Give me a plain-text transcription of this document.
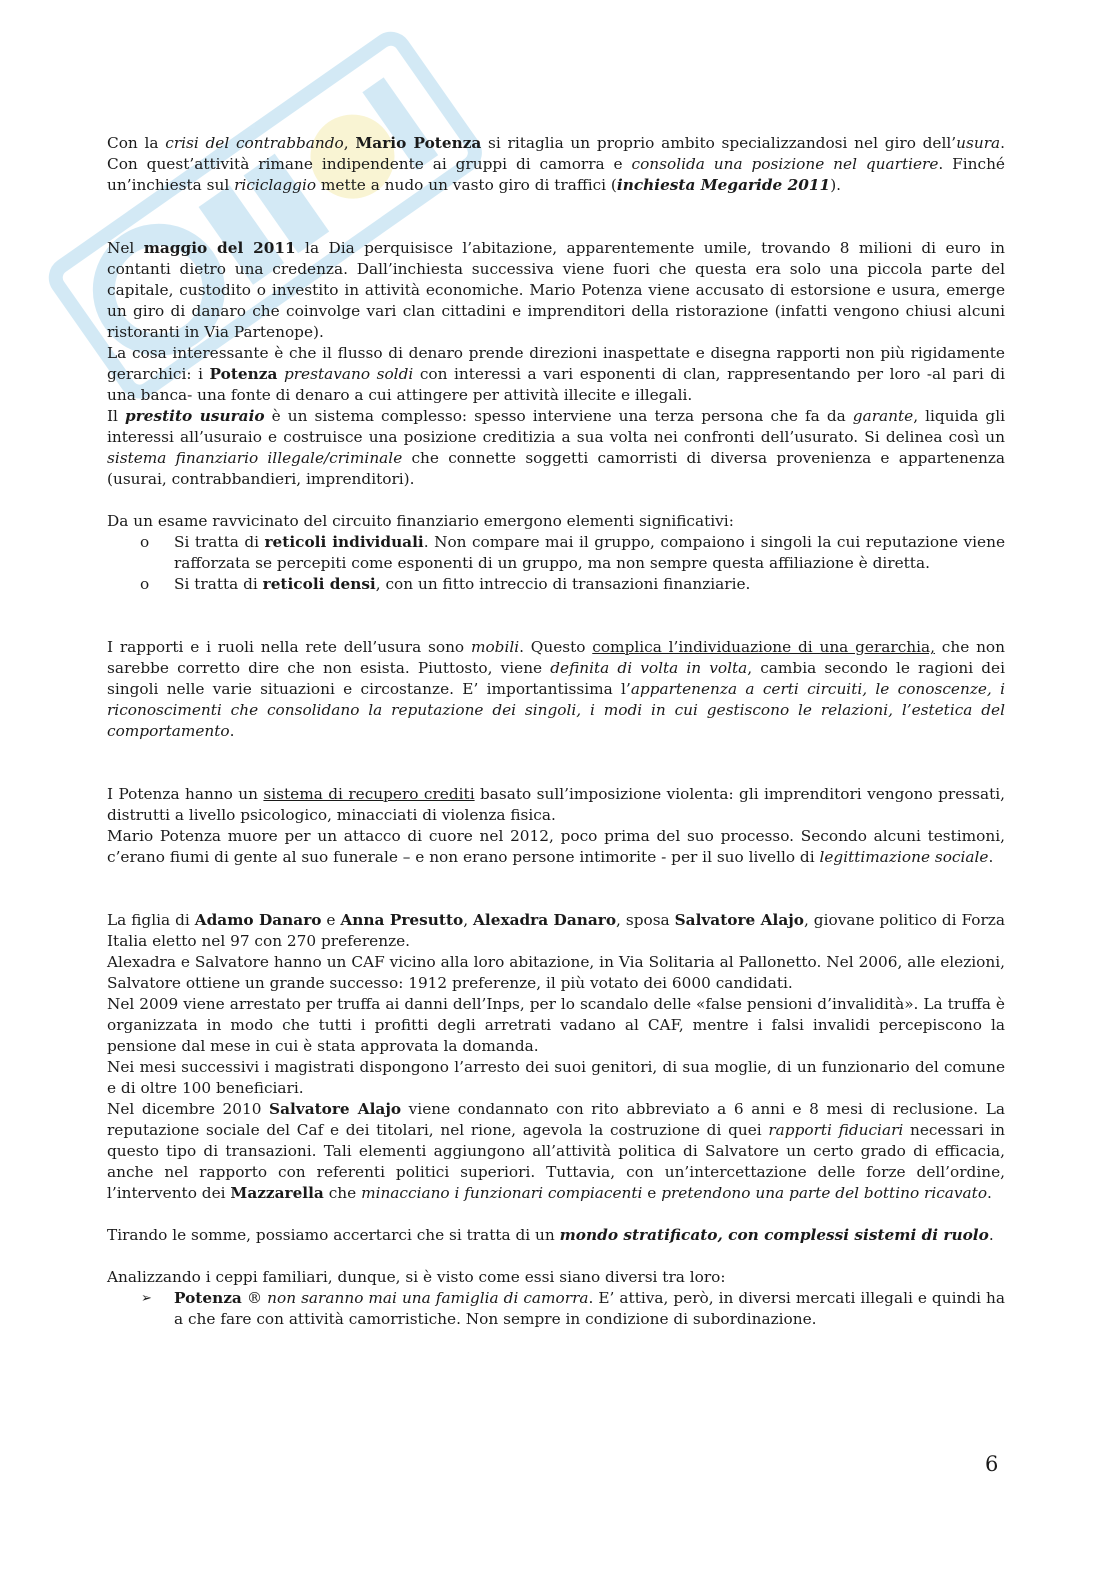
Con la crisi del contrabbando, Mario Potenza si ritaglia un proprio ambito specializzandosi nel giro dell’usura. Con quest’attività rimane indipendente ai gruppi di camorra e consolida una posizione nel quartiere. Finché un’inchiesta sul riciclaggio mette a nudo un vasto giro di traffici (inchiesta Megaride 2011).

Nel maggio del 2011 la Dia perquisisce l’abitazione, apparentemente umile, trovando 8 milioni di euro in contanti dietro una credenza. Dall’inchiesta successiva viene fuori che questa era solo una piccola parte del capitale, custodito o investito in attività economiche. Mario Potenza viene accusato di estorsione e usura, emerge un giro di danaro che coinvolge vari clan cittadini e imprenditori della ristorazione (infatti vengono chiusi alcuni ristoranti in Via Partenope).

La cosa interessante è che il flusso di denaro prende direzioni inaspettate e disegna rapporti non più rigidamente gerarchici: i Potenza prestavano soldi con interessi a vari esponenti di clan, rappresentando per loro -al pari di una banca- una fonte di denaro a cui attingere per attività illecite e illegali.

Il prestito usuraio è un sistema complesso: spesso interviene una terza persona che fa da garante, liquida gli interessi all’usuraio e costruisce una posizione creditizia a sua volta nei confronti dell’usurato. Si delinea così un sistema finanziario illegale/criminale che connette soggetti camorristi di diversa provenienza e appartenenza (usurai, contrabbandieri, imprenditori).

Da un esame ravvicinato del circuito finanziario emergono elementi significativi:

o Si tratta di reticoli individuali. Non compare mai il gruppo, compaiono i singoli la cui reputazione viene rafforzata se percepiti come esponenti di un gruppo, ma non sempre questa affiliazione è diretta.
o Si tratta di reticoli densi, con un fitto intreccio di transazioni finanziarie.

I rapporti e i ruoli nella rete dell’usura sono mobili. Questo complica l’individuazione di una gerarchia, che non sarebbe corretto dire che non esista. Piuttosto, viene definita di volta in volta, cambia secondo le ragioni dei singoli nelle varie situazioni e circostanze. E’ importantissima l’appartenenza a certi circuiti, le conoscenze, i riconoscimenti che consolidano la reputazione dei singoli, i modi in cui gestiscono le relazioni, l’estetica del comportamento.

I Potenza hanno un sistema di recupero crediti basato sull’imposizione violenta: gli imprenditori vengono pressati, distrutti a livello psicologico, minacciati di violenza fisica.

Mario Potenza muore per un attacco di cuore nel 2012, poco prima del suo processo. Secondo alcuni testimoni, c’erano fiumi di gente al suo funerale – e non erano persone intimorite - per il suo livello di legittimazione sociale.

La figlia di Adamo Danaro e Anna Presutto, Alexadra Danaro, sposa Salvatore Alajo, giovane politico di Forza Italia eletto nel 97 con 270 preferenze.

Alexadra e Salvatore hanno un CAF vicino alla loro abitazione, in Via Solitaria al Pallonetto. Nel 2006, alle elezioni, Salvatore ottiene un grande successo: 1912 preferenze, il più votato dei 6000 candidati.

Nel 2009 viene arrestato per truffa ai danni dell’Inps, per lo scandalo delle «false pensioni d’invalidità». La truffa è organizzata in modo che tutti i profitti degli arretrati vadano al CAF, mentre i falsi invalidi percepiscono la pensione dal mese in cui è stata approvata la domanda.

Nei mesi successivi i magistrati dispongono l’arresto dei suoi genitori, di sua moglie, di un funzionario del comune e di oltre 100 beneficiari.

Nel dicembre 2010 Salvatore Alajo viene condannato con rito abbreviato a 6 anni e 8 mesi di reclusione. La reputazione sociale del Caf e dei titolari, nel rione, agevola la costruzione di quei rapporti fiduciari necessari in questo tipo di transazioni. Tali elementi aggiungono all’attività politica di Salvatore un certo grado di efficacia, anche nel rapporto con referenti politici superiori. Tuttavia, con un’intercettazione delle forze dell’ordine, l’intervento dei Mazzarella che minacciano i funzionari compiacenti e pretendono una parte del bottino ricavato.

Tirando le somme, possiamo accertarci che si tratta di un mondo stratificato, con complessi sistemi di ruolo.

Analizzando i ceppi familiari, dunque, si è visto come essi siano diversi tra loro:

➢ Potenza ® non saranno mai una famiglia di camorra. E’ attiva, però, in diversi mercati illegali e quindi ha a che fare con attività camorristiche. Non sempre in condizione di subordinazione.
6
